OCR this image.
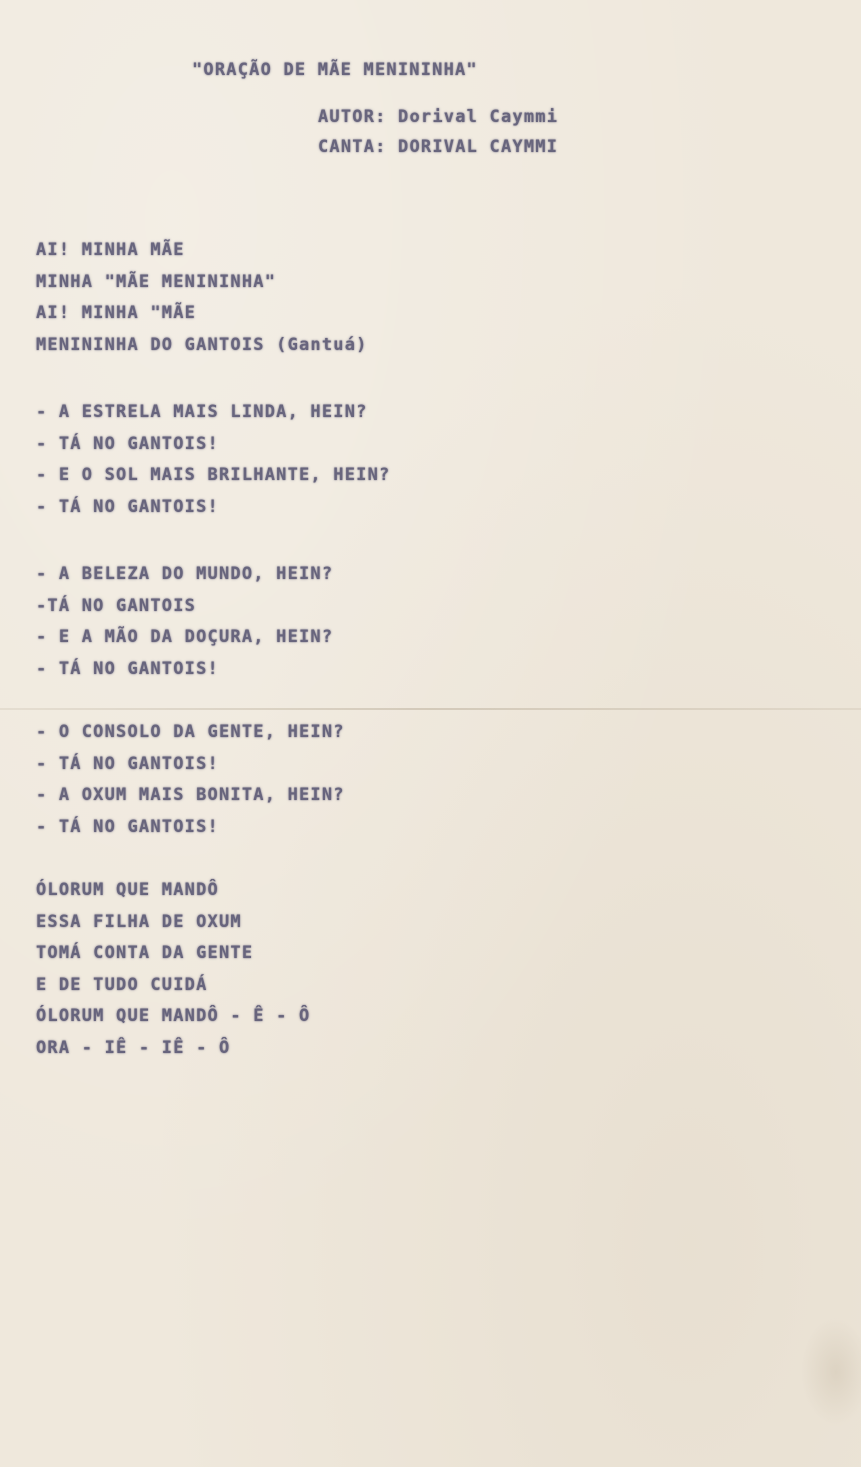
"ORAÇÃO DE MÃE MENININHA"
AUTOR: Dorival Caymmi
CANTA: DORIVAL CAYMMI
AI! MINHA MÃE
MINHA "MÃE MENININHA"
AI! MINHA "MÃE
MENININHA DO GANTOIS (Gantuá)
- A ESTRELA MAIS LINDA, HEIN?
- TÁ NO GANTOIS!
- E O SOL MAIS BRILHANTE, HEIN?
- TÁ NO GANTOIS!
- A BELEZA DO MUNDO, HEIN?
-TÁ NO GANTOIS
- E A MÃO DA DOÇURA, HEIN?
- TÁ NO GANTOIS!
- O CONSOLO DA GENTE, HEIN?
- TÁ NO GANTOIS!
- A OXUM MAIS BONITA, HEIN?
- TÁ NO GANTOIS!
ÓLORUM QUE MANDÔ
ESSA FILHA DE OXUM
TOMÁ CONTA DA GENTE
E DE TUDO CUIDÁ
ÓLORUM QUE MANDÔ - Ê - Ô
ORA - IÊ - IÊ - Ô
